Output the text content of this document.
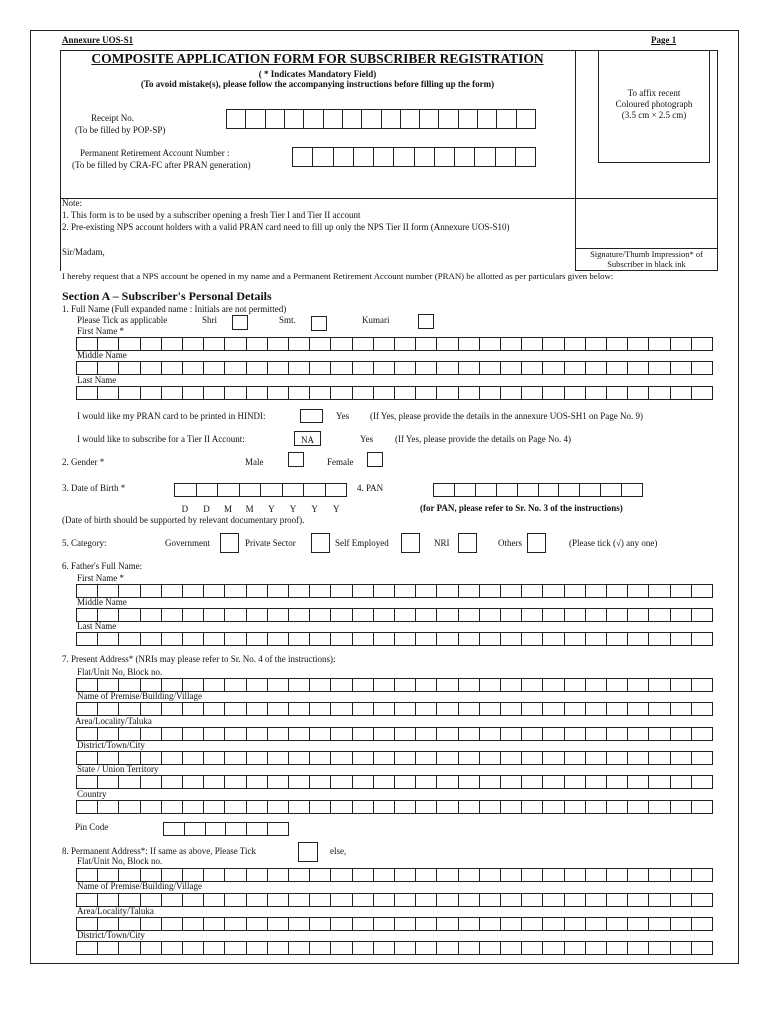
Annexure UOS-S1	Page 1
To affix recent
Coloured photograph
(3.5 cm × 2.5 cm)
Signature/Thumb Impression* of
Subscriber in black ink
COMPOSITE APPLICATION FORM FOR SUBSCRIBER REGISTRATION
( * Indicates Mandatory Field)
(To avoid mistake(s), please follow the accompanying instructions before filling up the form)
Receipt No.
(To be filled by POP-SP)
Permanent Retirement Account Number :
(To be filled by CRA-FC after PRAN generation)
Note:
1. This form is to be used by a subscriber opening a fresh Tier I and Tier II account
2. Pre-existing NPS account holders with a valid PRAN card need to fill up only the NPS Tier II form (Annexure UOS-S10)
Sir/Madam,
I hereby request that a NPS account be opened in my name and a Permanent Retirement Account number (PRAN) be allotted as per particulars given below:
Section A – Subscriber's Personal Details
1. Full Name (Full expanded name : Initials are not permitted)
Please Tick as applicable	Shri	Smt.	Kumari
First Name *
Middle Name
Last Name
I would like my PRAN card to be printed in HINDI:	Yes (If Yes, please provide the details in the annexure UOS-SH1 on Page No. 9)
I would like to subscribe for a Tier II Account:	NA	Yes (If Yes, please provide the details on Page No. 4)
2. Gender *	Male	Female
3. Date of Birth *
D	D	M	M	Y	Y	Y	Y
4. PAN
(for PAN, please refer to Sr. No. 3 of the instructions)
(Date of birth should be supported by relevant documentary proof).
5. Category:	Government	Private Sector	Self Employed	NRI	Others	(Please tick (√) any one)
6. Father's Full Name:
First Name *
Middle Name
Last Name
7. Present Address* (NRIs may please refer to Sr. No. 4 of the instructions):
Flat/Unit No, Block no.
Name of Premise/Building/Village
Area/Locality/Taluka
District/Town/City
State / Union Territory
Country
Pin Code
8. Permanent Address*: If same as above, Please Tick	else,
Flat/Unit No, Block no.
Name of Premise/Building/Village
Area/Locality/Taluka
District/Town/City
